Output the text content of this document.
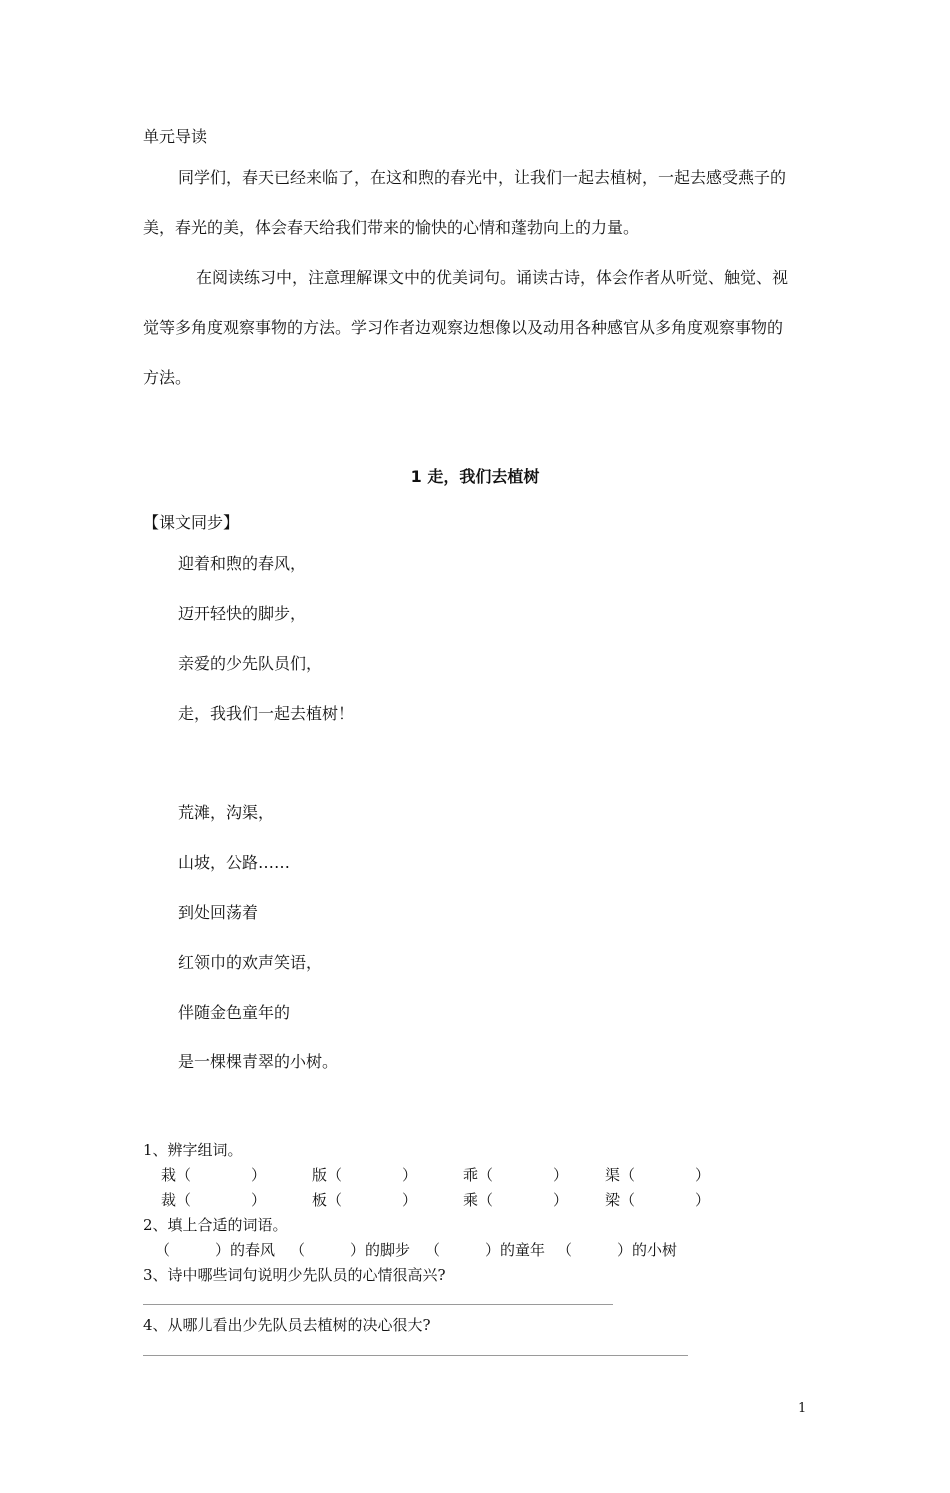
单元导读
同学们，春天已经来临了，在这和煦的春光中，让我们一起去植树，一起去感受燕子的
美，春光的美，体会春天给我们带来的愉快的心情和蓬勃向上的力量。
在阅读练习中，注意理解课文中的优美词句。诵读古诗，体会作者从听觉、触觉、视
觉等多角度观察事物的方法。学习作者边观察边想像以及动用各种感官从多角度观察事物的
方法。
1 走，我们去植树
【课文同步】
迎着和煦的春风，
迈开轻快的脚步，
亲爱的少先队员们，
走，我我们一起去植树！
荒滩，沟渠，
山坡，公路……
到处回荡着
红领巾的欢声笑语，
伴随金色童年的
是一棵棵青翠的小树。
1、辨字组词。
栽（　　　　）	版（　　　　）	乖（　　　　） 渠（　　　　）
裁（　　　　）	板（　　　　）	乘（　　　　） 梁（　　　　）
2、填上合适的词语。
（　　　）的春风 （　　　）的脚步 （　　　）的童年 （　　　）的小树
3、诗中哪些词句说明少先队员的心情很高兴?
4、从哪儿看出少先队员去植树的决心很大?
1
